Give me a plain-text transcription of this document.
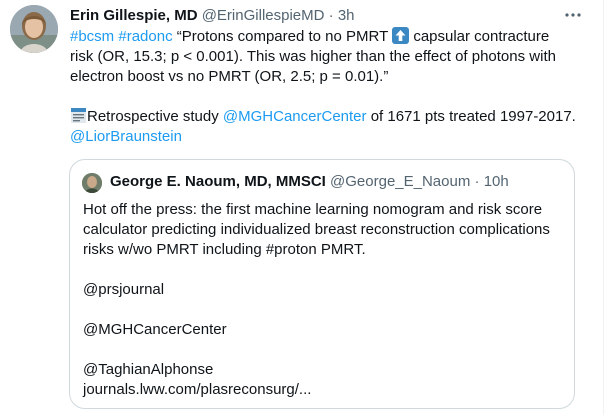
Erin Gillespie, MD @ErinGillespieMD · 3h

#bcsm #radonc “Protons compared to no PMRT capsular contracture

risk (OR, 15.3; p < 0.001). This was higher than the effect of photons with

electron boost vs no PMRT (OR, 2.5; p = 0.01).”

Retrospective study @MGHCancerCenter of 1671 pts treated 1997-2017.

@LiorBraunstein

George E. Naoum, MD, MMSCI @George_E_Naoum · 10h

Hot off the press: the first machine learning nomogram and risk score

calculator predicting individualized breast reconstruction complications

risks w/wo PMRT including #proton PMRT.

@prsjournal

@MGHCancerCenter

@TaghianAlphonse

journals.lww.com/plasreconsurg/...
